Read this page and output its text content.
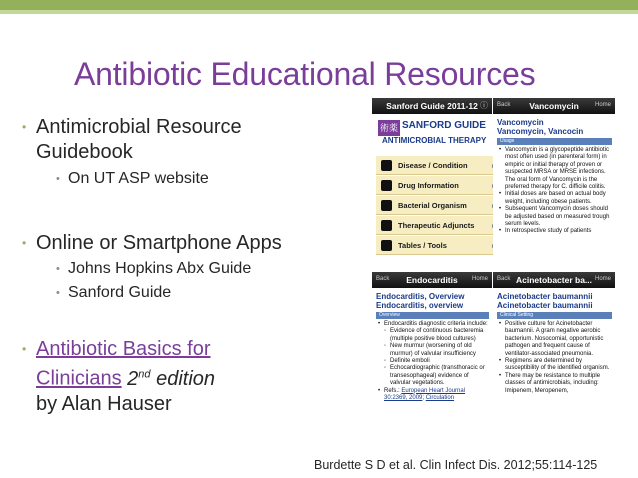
Antibiotic Educational Resources
• Antimicrobial Resource
Guidebook
• On UT ASP website
• Online or Smartphone Apps
• Johns Hopkins Abx Guide
• Sanford Guide
• Antibiotic Basics for
Clinicians 2nd edition
by Alan Hauser
Sanford Guide 2011-12 ⓘ
術薬 SANFORD GUIDE
ANTIMICROBIAL THERAPY
Disease / Condition
Drug Information
Bacterial Organism
Therapeutic Adjuncts
Tables / Tools
Back	Vancomycin	Home
Vancomycin
Vancomycin, Vancocin
Usage
• Vancomycin is a glycopeptide antibiotic most often used (in parenteral form) in empiric or initial therapy of proven or suspected MRSA or MRSE infections. The oral form of Vancomycin is the preferred therapy for C. difficile colitis.
• Initial doses are based on actual body weight, including obese patients.
• Subsequent Vancomycin doses should be adjusted based on measured trough serum levels.
• In retrospective study of patients
Back	Endocarditis	Home
Endocarditis, Overview
Endocarditis, overview
Overview
• Endocarditis diagnostic criteria include:
◦ Evidence of continuous bacteremia (multiple positive blood cultures)
◦ New murmur (worsening of old murmur) of valvular insufficiency
◦ Definite emboli
◦ Echocardiographic (transthoracic or transesophageal) evidence of valvular vegetations.
• Refs.: European Heart Journal 30:2369, 2009; Circulation
Back Acinetobacter ba... Home
Acinetobacter baumannii
Acinetobacter baumannii
Clinical Setting
• Positive culture for Acinetobacter baumannii. A gram negative aerobic bacterium. Nosocomial, opportunistic pathogen and frequent cause of ventilator-associated pneumonia.
• Regimens are determined by susceptibility of the identified organism.
• There may be resistance to multiple classes of antimicrobials, including: Imipenem, Meropenem,
Burdette S D et al. Clin Infect Dis. 2012;55:114-125
